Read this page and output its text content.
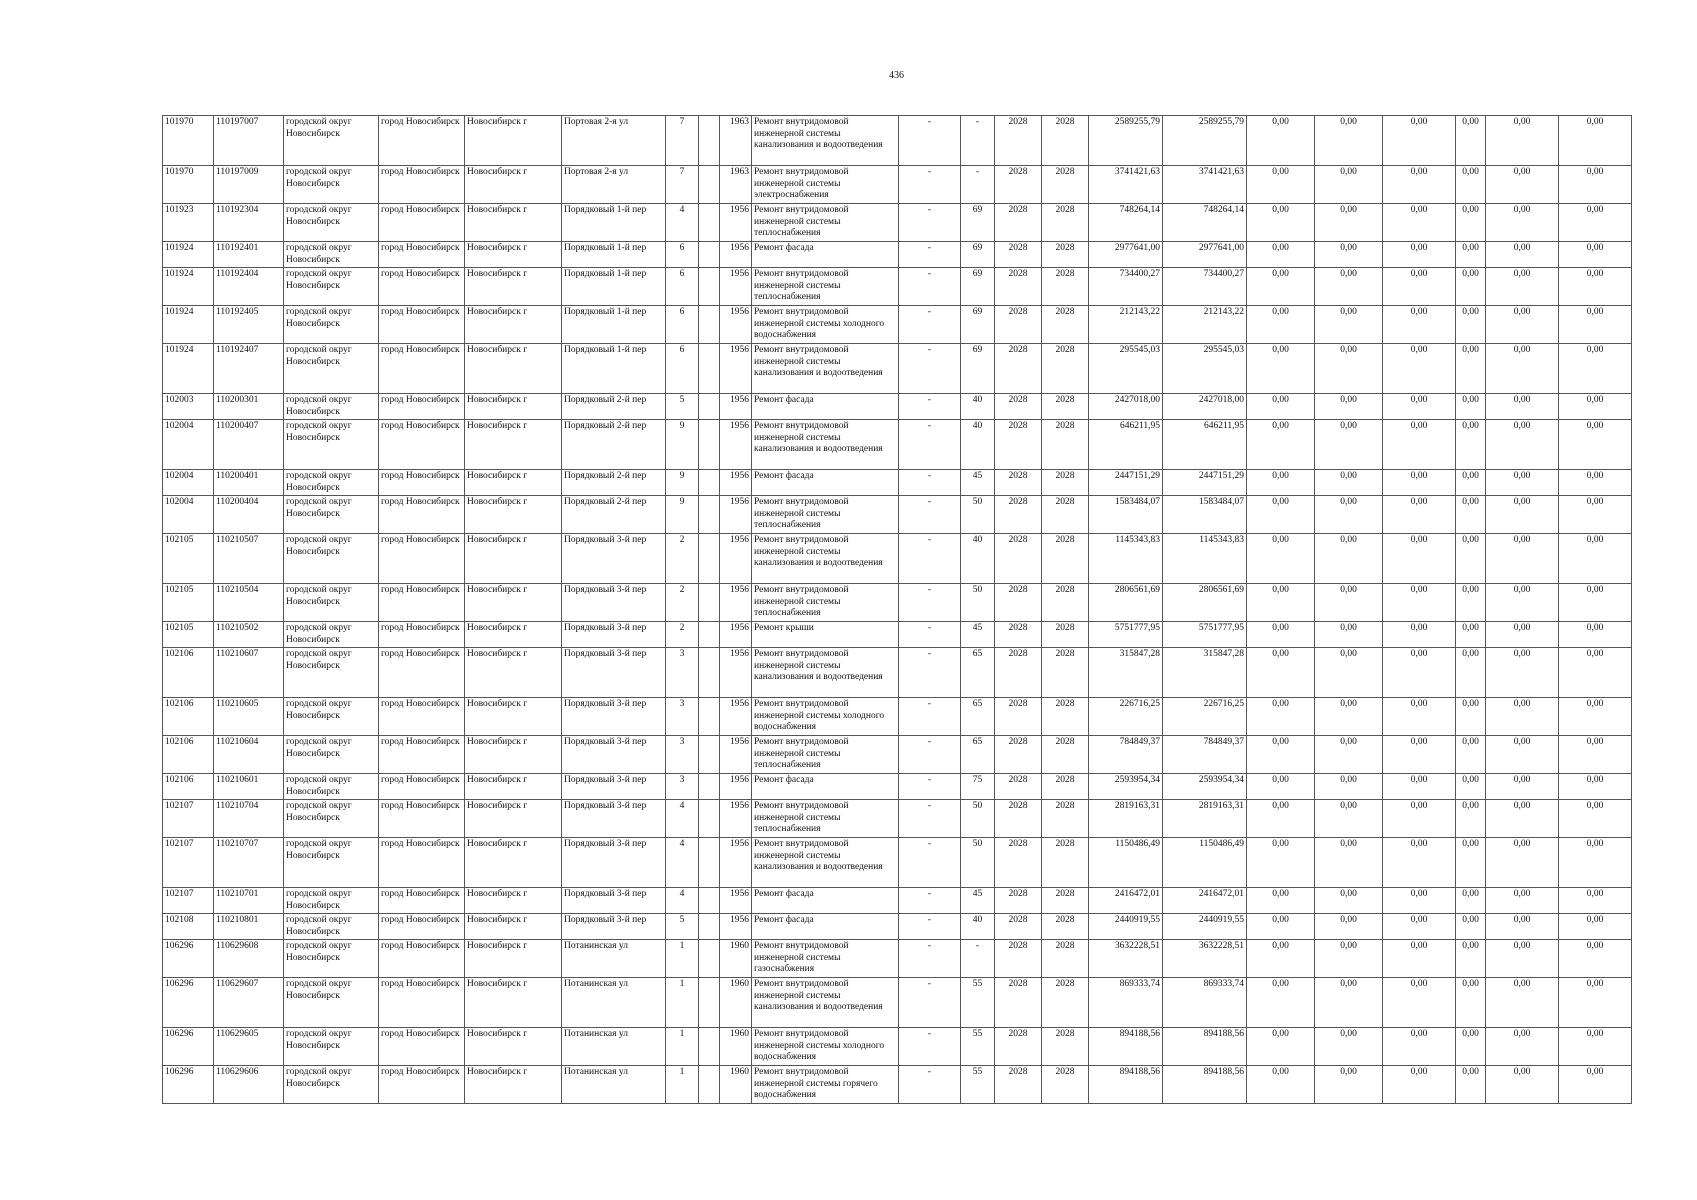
436
101970	110197007	городской округ Новосибирск	город Новосибирск	Новосибирск г	Портовая 2-я ул	7		1963	Ремонт внутридомовой инженерной системы канализования и водоотведения	-	-	2028	2028	2589255,79	2589255,79	0,00	0,00	0,00	0,00	0,00	0,00
101970	110197009	городской округ Новосибирск	город Новосибирск	Новосибирск г	Портовая 2-я ул	7		1963	Ремонт внутридомовой инженерной системы электроснабжения	-	-	2028	2028	3741421,63	3741421,63	0,00	0,00	0,00	0,00	0,00	0,00
101923	110192304	городской округ Новосибирск	город Новосибирск	Новосибирск г	Порядковый 1-й пер	4		1956	Ремонт внутридомовой инженерной системы теплоснабжения	-	69	2028	2028	748264,14	748264,14	0,00	0,00	0,00	0,00	0,00	0,00
101924	110192401	городской округ Новосибирск	город Новосибирск	Новосибирск г	Порядковый 1-й пер	6		1956	Ремонт фасада	-	69	2028	2028	2977641,00	2977641,00	0,00	0,00	0,00	0,00	0,00	0,00
101924	110192404	городской округ Новосибирск	город Новосибирск	Новосибирск г	Порядковый 1-й пер	6		1956	Ремонт внутридомовой инженерной системы теплоснабжения	-	69	2028	2028	734400,27	734400,27	0,00	0,00	0,00	0,00	0,00	0,00
101924	110192405	городской округ Новосибирск	город Новосибирск	Новосибирск г	Порядковый 1-й пер	6		1956	Ремонт внутридомовой инженерной системы холодного водоснабжения	-	69	2028	2028	212143,22	212143,22	0,00	0,00	0,00	0,00	0,00	0,00
101924	110192407	городской округ Новосибирск	город Новосибирск	Новосибирск г	Порядковый 1-й пер	6		1956	Ремонт внутридомовой инженерной системы канализования и водоотведения	-	69	2028	2028	295545,03	295545,03	0,00	0,00	0,00	0,00	0,00	0,00
102003	110200301	городской округ Новосибирск	город Новосибирск	Новосибирск г	Порядковый 2-й пер	5		1956	Ремонт фасада	-	40	2028	2028	2427018,00	2427018,00	0,00	0,00	0,00	0,00	0,00	0,00
102004	110200407	городской округ Новосибирск	город Новосибирск	Новосибирск г	Порядковый 2-й пер	9		1956	Ремонт внутридомовой инженерной системы канализования и водоотведения	-	40	2028	2028	646211,95	646211,95	0,00	0,00	0,00	0,00	0,00	0,00
102004	110200401	городской округ Новосибирск	город Новосибирск	Новосибирск г	Порядковый 2-й пер	9		1956	Ремонт фасада	-	45	2028	2028	2447151,29	2447151,29	0,00	0,00	0,00	0,00	0,00	0,00
102004	110200404	городской округ Новосибирск	город Новосибирск	Новосибирск г	Порядковый 2-й пер	9		1956	Ремонт внутридомовой инженерной системы теплоснабжения	-	50	2028	2028	1583484,07	1583484,07	0,00	0,00	0,00	0,00	0,00	0,00
102105	110210507	городской округ Новосибирск	город Новосибирск	Новосибирск г	Порядковый 3-й пер	2		1956	Ремонт внутридомовой инженерной системы канализования и водоотведения	-	40	2028	2028	1145343,83	1145343,83	0,00	0,00	0,00	0,00	0,00	0,00
102105	110210504	городской округ Новосибирск	город Новосибирск	Новосибирск г	Порядковый 3-й пер	2		1956	Ремонт внутридомовой инженерной системы теплоснабжения	-	50	2028	2028	2806561,69	2806561,69	0,00	0,00	0,00	0,00	0,00	0,00
102105	110210502	городской округ Новосибирск	город Новосибирск	Новосибирск г	Порядковый 3-й пер	2		1956	Ремонт крыши	-	45	2028	2028	5751777,95	5751777,95	0,00	0,00	0,00	0,00	0,00	0,00
102106	110210607	городской округ Новосибирск	город Новосибирск	Новосибирск г	Порядковый 3-й пер	3		1956	Ремонт внутридомовой инженерной системы канализования и водоотведения	-	65	2028	2028	315847,28	315847,28	0,00	0,00	0,00	0,00	0,00	0,00
102106	110210605	городской округ Новосибирск	город Новосибирск	Новосибирск г	Порядковый 3-й пер	3		1956	Ремонт внутридомовой инженерной системы холодного водоснабжения	-	65	2028	2028	226716,25	226716,25	0,00	0,00	0,00	0,00	0,00	0,00
102106	110210604	городской округ Новосибирск	город Новосибирск	Новосибирск г	Порядковый 3-й пер	3		1956	Ремонт внутридомовой инженерной системы теплоснабжения	-	65	2028	2028	784849,37	784849,37	0,00	0,00	0,00	0,00	0,00	0,00
102106	110210601	городской округ Новосибирск	город Новосибирск	Новосибирск г	Порядковый 3-й пер	3		1956	Ремонт фасада	-	75	2028	2028	2593954,34	2593954,34	0,00	0,00	0,00	0,00	0,00	0,00
102107	110210704	городской округ Новосибирск	город Новосибирск	Новосибирск г	Порядковый 3-й пер	4		1956	Ремонт внутридомовой инженерной системы теплоснабжения	-	50	2028	2028	2819163,31	2819163,31	0,00	0,00	0,00	0,00	0,00	0,00
102107	110210707	городской округ Новосибирск	город Новосибирск	Новосибирск г	Порядковый 3-й пер	4		1956	Ремонт внутридомовой инженерной системы канализования и водоотведения	-	50	2028	2028	1150486,49	1150486,49	0,00	0,00	0,00	0,00	0,00	0,00
102107	110210701	городской округ Новосибирск	город Новосибирск	Новосибирск г	Порядковый 3-й пер	4		1956	Ремонт фасада	-	45	2028	2028	2416472,01	2416472,01	0,00	0,00	0,00	0,00	0,00	0,00
102108	110210801	городской округ Новосибирск	город Новосибирск	Новосибирск г	Порядковый 3-й пер	5		1956	Ремонт фасада	-	40	2028	2028	2440919,55	2440919,55	0,00	0,00	0,00	0,00	0,00	0,00
106296	110629608	городской округ Новосибирск	город Новосибирск	Новосибирск г	Потанинская ул	1		1960	Ремонт внутридомовой инженерной системы газоснабжения	-	-	2028	2028	3632228,51	3632228,51	0,00	0,00	0,00	0,00	0,00	0,00
106296	110629607	городской округ Новосибирск	город Новосибирск	Новосибирск г	Потанинская ул	1		1960	Ремонт внутридомовой инженерной системы канализования и водоотведения	-	55	2028	2028	869333,74	869333,74	0,00	0,00	0,00	0,00	0,00	0,00
106296	110629605	городской округ Новосибирск	город Новосибирск	Новосибирск г	Потанинская ул	1		1960	Ремонт внутридомовой инженерной системы холодного водоснабжения	-	55	2028	2028	894188,56	894188,56	0,00	0,00	0,00	0,00	0,00	0,00
106296	110629606	городской округ Новосибирск	город Новосибирск	Новосибирск г	Потанинская ул	1		1960	Ремонт внутридомовой инженерной системы горячего водоснабжения	-	55	2028	2028	894188,56	894188,56	0,00	0,00	0,00	0,00	0,00	0,00
